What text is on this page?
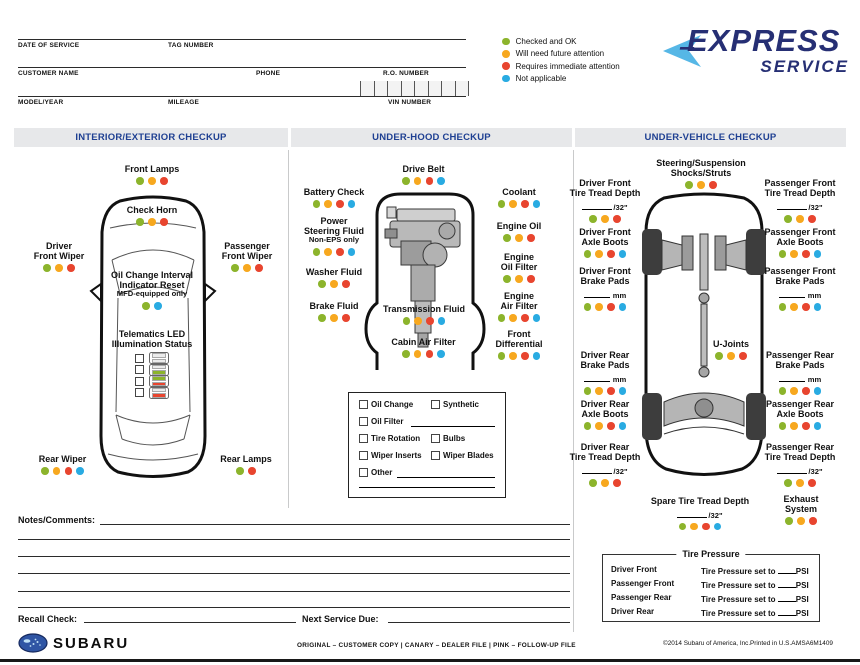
DATE OF SERVICE	TAG NUMBER
CUSTOMER NAME	PHONE	R.O. NUMBER
MODEL/YEAR	MILEAGE	VIN NUMBER
Checked and OK
Will need future attention
Requires immediate attention
Not applicable
EXPRESS
SERVICE
INTERIOR/EXTERIOR CHECKUP	UNDER-HOOD CHECKUP	UNDER-VEHICLE CHECKUP
Front Lamps
Check Horn
Driver
Front Wiper
Passenger
Front Wiper
Oil Change Interval
Indicator Reset
MFD-equipped only
Telematics LED
Illumination Status
Rear Wiper	Rear Lamps
Drive Belt
Battery Check	Coolant
Power
Steering Fluid
Non-EPS only
Engine Oil
Engine
Oil Filter
Washer Fluid
Engine
Air Filter
Brake Fluid	Transmission Fluid
Front
Differential
Cabin Air Filter
Oil Change	Synthetic
Oil Filter
Tire Rotation	Bulbs
Wiper Inserts	Wiper Blades
Other
Steering/Suspension
Shocks/Struts
Driver Front
Tire Tread Depth
/32"
Passenger Front
Tire Tread Depth
/32"
Driver Front
Axle Boots
Passenger Front
Axle Boots
Driver Front
Brake Pads
mm
Passenger Front
Brake Pads
mm
U-Joints
Driver Rear
Brake Pads
mm
Passenger Rear
Brake Pads
mm
Driver Rear
Axle Boots
Passenger Rear
Axle Boots
Driver Rear
Tire Tread Depth
/32"
Passenger Rear
Tire Tread Depth
/32"
Spare Tire Tread Depth
/32"
Exhaust
System
Tire Pressure
Driver Front	Tire Pressure set to	PSI
Passenger Front	Tire Pressure set to	PSI
Passenger Rear	Tire Pressure set to	PSI
Driver Rear	Tire Pressure set to	PSI
Notes/Comments:
Recall Check:	Next Service Due:
SUBARU	ORIGINAL – CUSTOMER COPY | CANARY – DEALER FILE | PINK – FOLLOW-UP FILE	©2014 Subaru of America, Inc. Printed in U.S.A.
MSA6M1409
